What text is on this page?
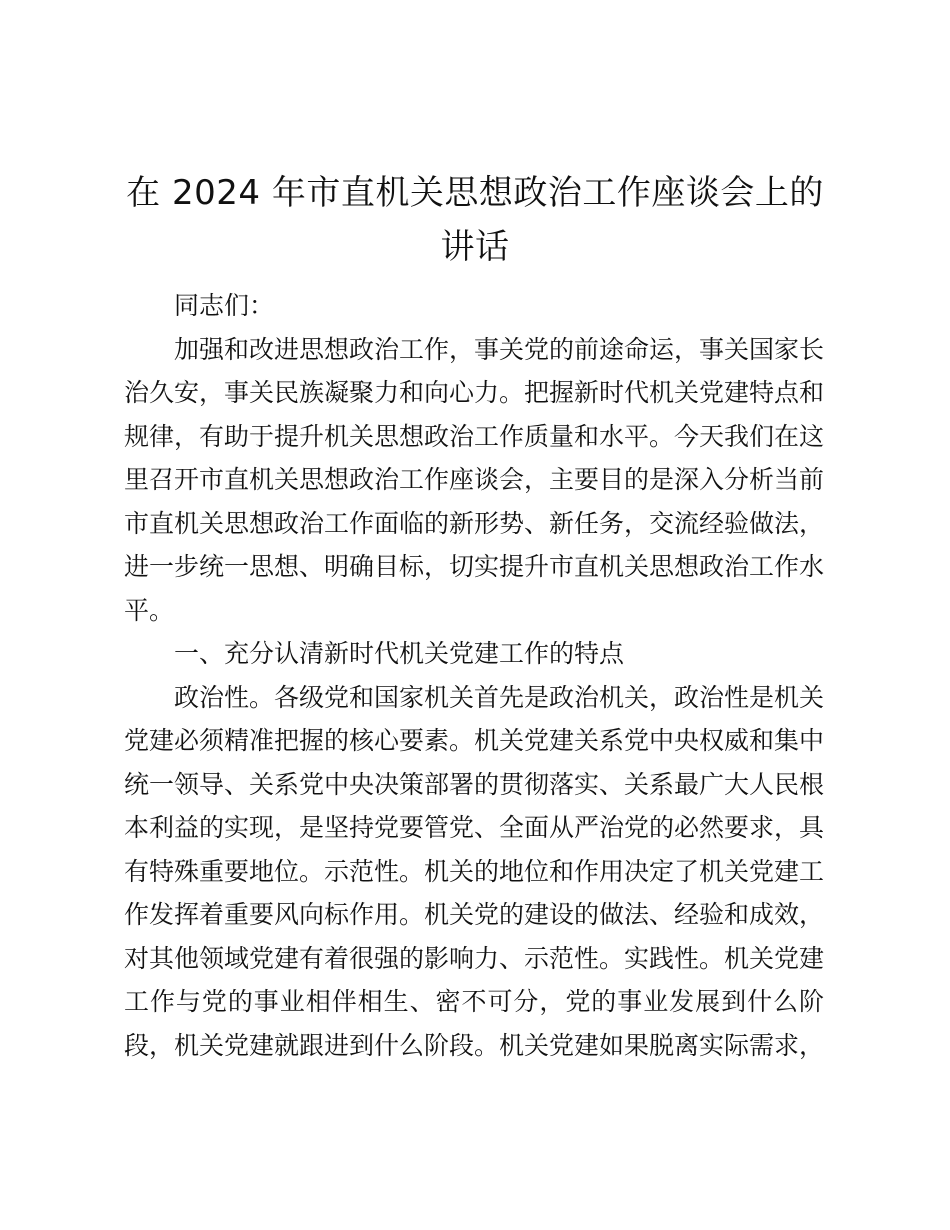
在 2024 年市直机关思想政治工作座谈会上的讲话

同志们：

加强和改进思想政治工作，事关党的前途命运，事关国家长治久安，事关民族凝聚力和向心力。把握新时代机关党建特点和规律，有助于提升机关思想政治工作质量和水平。今天我们在这里召开市直机关思想政治工作座谈会，主要目的是深入分析当前市直机关思想政治工作面临的新形势、新任务，交流经验做法，进一步统一思想、明确目标，切实提升市直机关思想政治工作水平。

一、充分认清新时代机关党建工作的特点

政治性。各级党和国家机关首先是政治机关，政治性是机关党建必须精准把握的核心要素。机关党建关系党中央权威和集中统一领导、关系党中央决策部署的贯彻落实、关系最广大人民根本利益的实现，是坚持党要管党、全面从严治党的必然要求，具有特殊重要地位。示范性。机关的地位和作用决定了机关党建工作发挥着重要风向标作用。机关党的建设的做法、经验和成效，对其他领域党建有着很强的影响力、示范性。实践性。机关党建工作与党的事业相伴相生、密不可分，党的事业发展到什么阶段，机关党建就跟进到什么阶段。机关党建如果脱离实际需求，
